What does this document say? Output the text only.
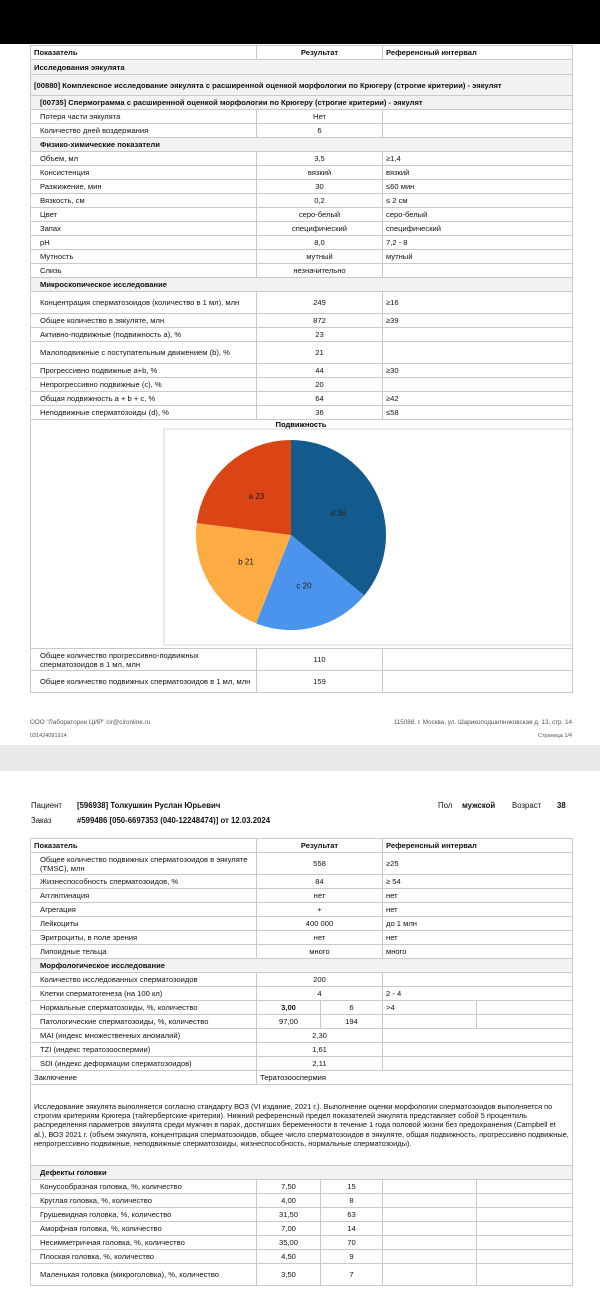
Показатель	Результат	Референсный интервал
Исследования эякулята		
[00880] Комплексное исследование эякулята с расширенной оценкой морфологии по Крюгеру (строгие критерии) - эякулят		
[00735] Спермограмма с расширенной оценкой морфологии по Крюгеру (строгие критерии) - эякулят		
Потеря части эякулята	Нет	
Количество дней воздержания	6	
Физико-химические показатели		
Объем, мл	3,5	≥1,4
Консистенция	вязкий	вязкий
Разжижение, мин	30	≤60 мин
Вязкость, см	0,2	≤ 2 см
Цвет	серо-белый	серо-белый
Запах	специфический	специфический
pH	8,0	7,2 - 8
Мутность	мутный	мутный
Слизь	незначительно	
Микроскопическое исследование		
Концентрация сперматозоидов (количество в 1 мл), млн	249	≥16
Общее количество в эякуляте, млн	872	≥39
Активно-подвижные (подвижность а), %	23	
Малоподвижные с поступательным движением (b), %	21	
Прогрессивно подвижные a+b, %	44	≥30
Непрогрессивно подвижные (с), %	20	
Общая подвижность a + b + c, %	64	≥42
Неподвижные сперматозоиды (d), %	36	≤58

Подвижность
d 36
c 20
b 21
a 23		

Общее количество прогрессивно-подвижных сперматозоидов в 1 мл, млн	110	
Общее количество подвижных сперматозоидов в 1 мл, млн	159	
ООО "Лаборатории ЦИР" cir@cironline.ru
031424091914
115088, г. Москва, ул. Шарикоподшипниковская д. 13, стр. 14
Страница 1/4
Пациент [596938] Толкушкин Руслан Юрьевич	Пол мужской Возраст 38
Заказ	#599486 [050-6697353 (040-12248474)] от 12.03.2024
Показатель	Результат		Референсный интервал	
Общее количество подвижных сперматозоидов в эякуляте (TMSC), млн	558		≥25	
Жизнеспособность сперматозоидов, %	84		≥ 54	
Агглютинация	нет		нет	
Агрегация	+		нет	
Лейкоциты	400 000		до 1 млн	
Эритроциты, в поле зрения	нет		нет	
Липоидные тельца	много		много	
Морфологическое исследование				
Количество исследованных сперматозоидов	200			
Клетки сперматогенеза (на 100 кл)	4		2 - 4	
Нормальные сперматозоиды, %, количество	3,00	6	>4	
Патологические сперматозоиды, %, количество	97,00	194		
MAI (индекс множественных аномалий)	2,30			
TZI (индекс тератозооспермии)	1,61			
SDI (индекс деформации сперматозоидов)	2,11			
Заключение	Тератозооспермия			
Исследование эякулята выполняется согласно стандарту ВОЗ (VI издание, 2021 г.). Выполнение оценки морфологии сперматозоидов выполняется по строгим критериям Крюгера (тайгербергские критерии). Нижний референсный предел показателей эякулята представляет собой 5 процентиль распределения параметров эякулята среди мужчин в парах, достигших беременности в течение 1 года половой жизни без предохранения (Campbell et al.), ВОЗ 2021 г. (объем эякулята, концентрация сперматозоидов, общее число сперматозоидов в эякуляте, общая подвижность, прогрессивно подвижные, непрогрессивно подвижные, неподвижные сперматозоиды, жизнеспособность, нормальные сперматозоиды).				
Дефекты головки				
Конусообразная головка, %, количество	7,50	15		
Круглая головка, %, количество	4,00	8		
Грушевидная головка, %, количество	31,50	63		
Аморфная головка, %, количество	7,00	14		
Несимметричная головка, %, количество	35,00	70		
Плоская головка, %, количество	4,50	9		
Маленькая головка (микроголовка), %, количество	3,50	7		
